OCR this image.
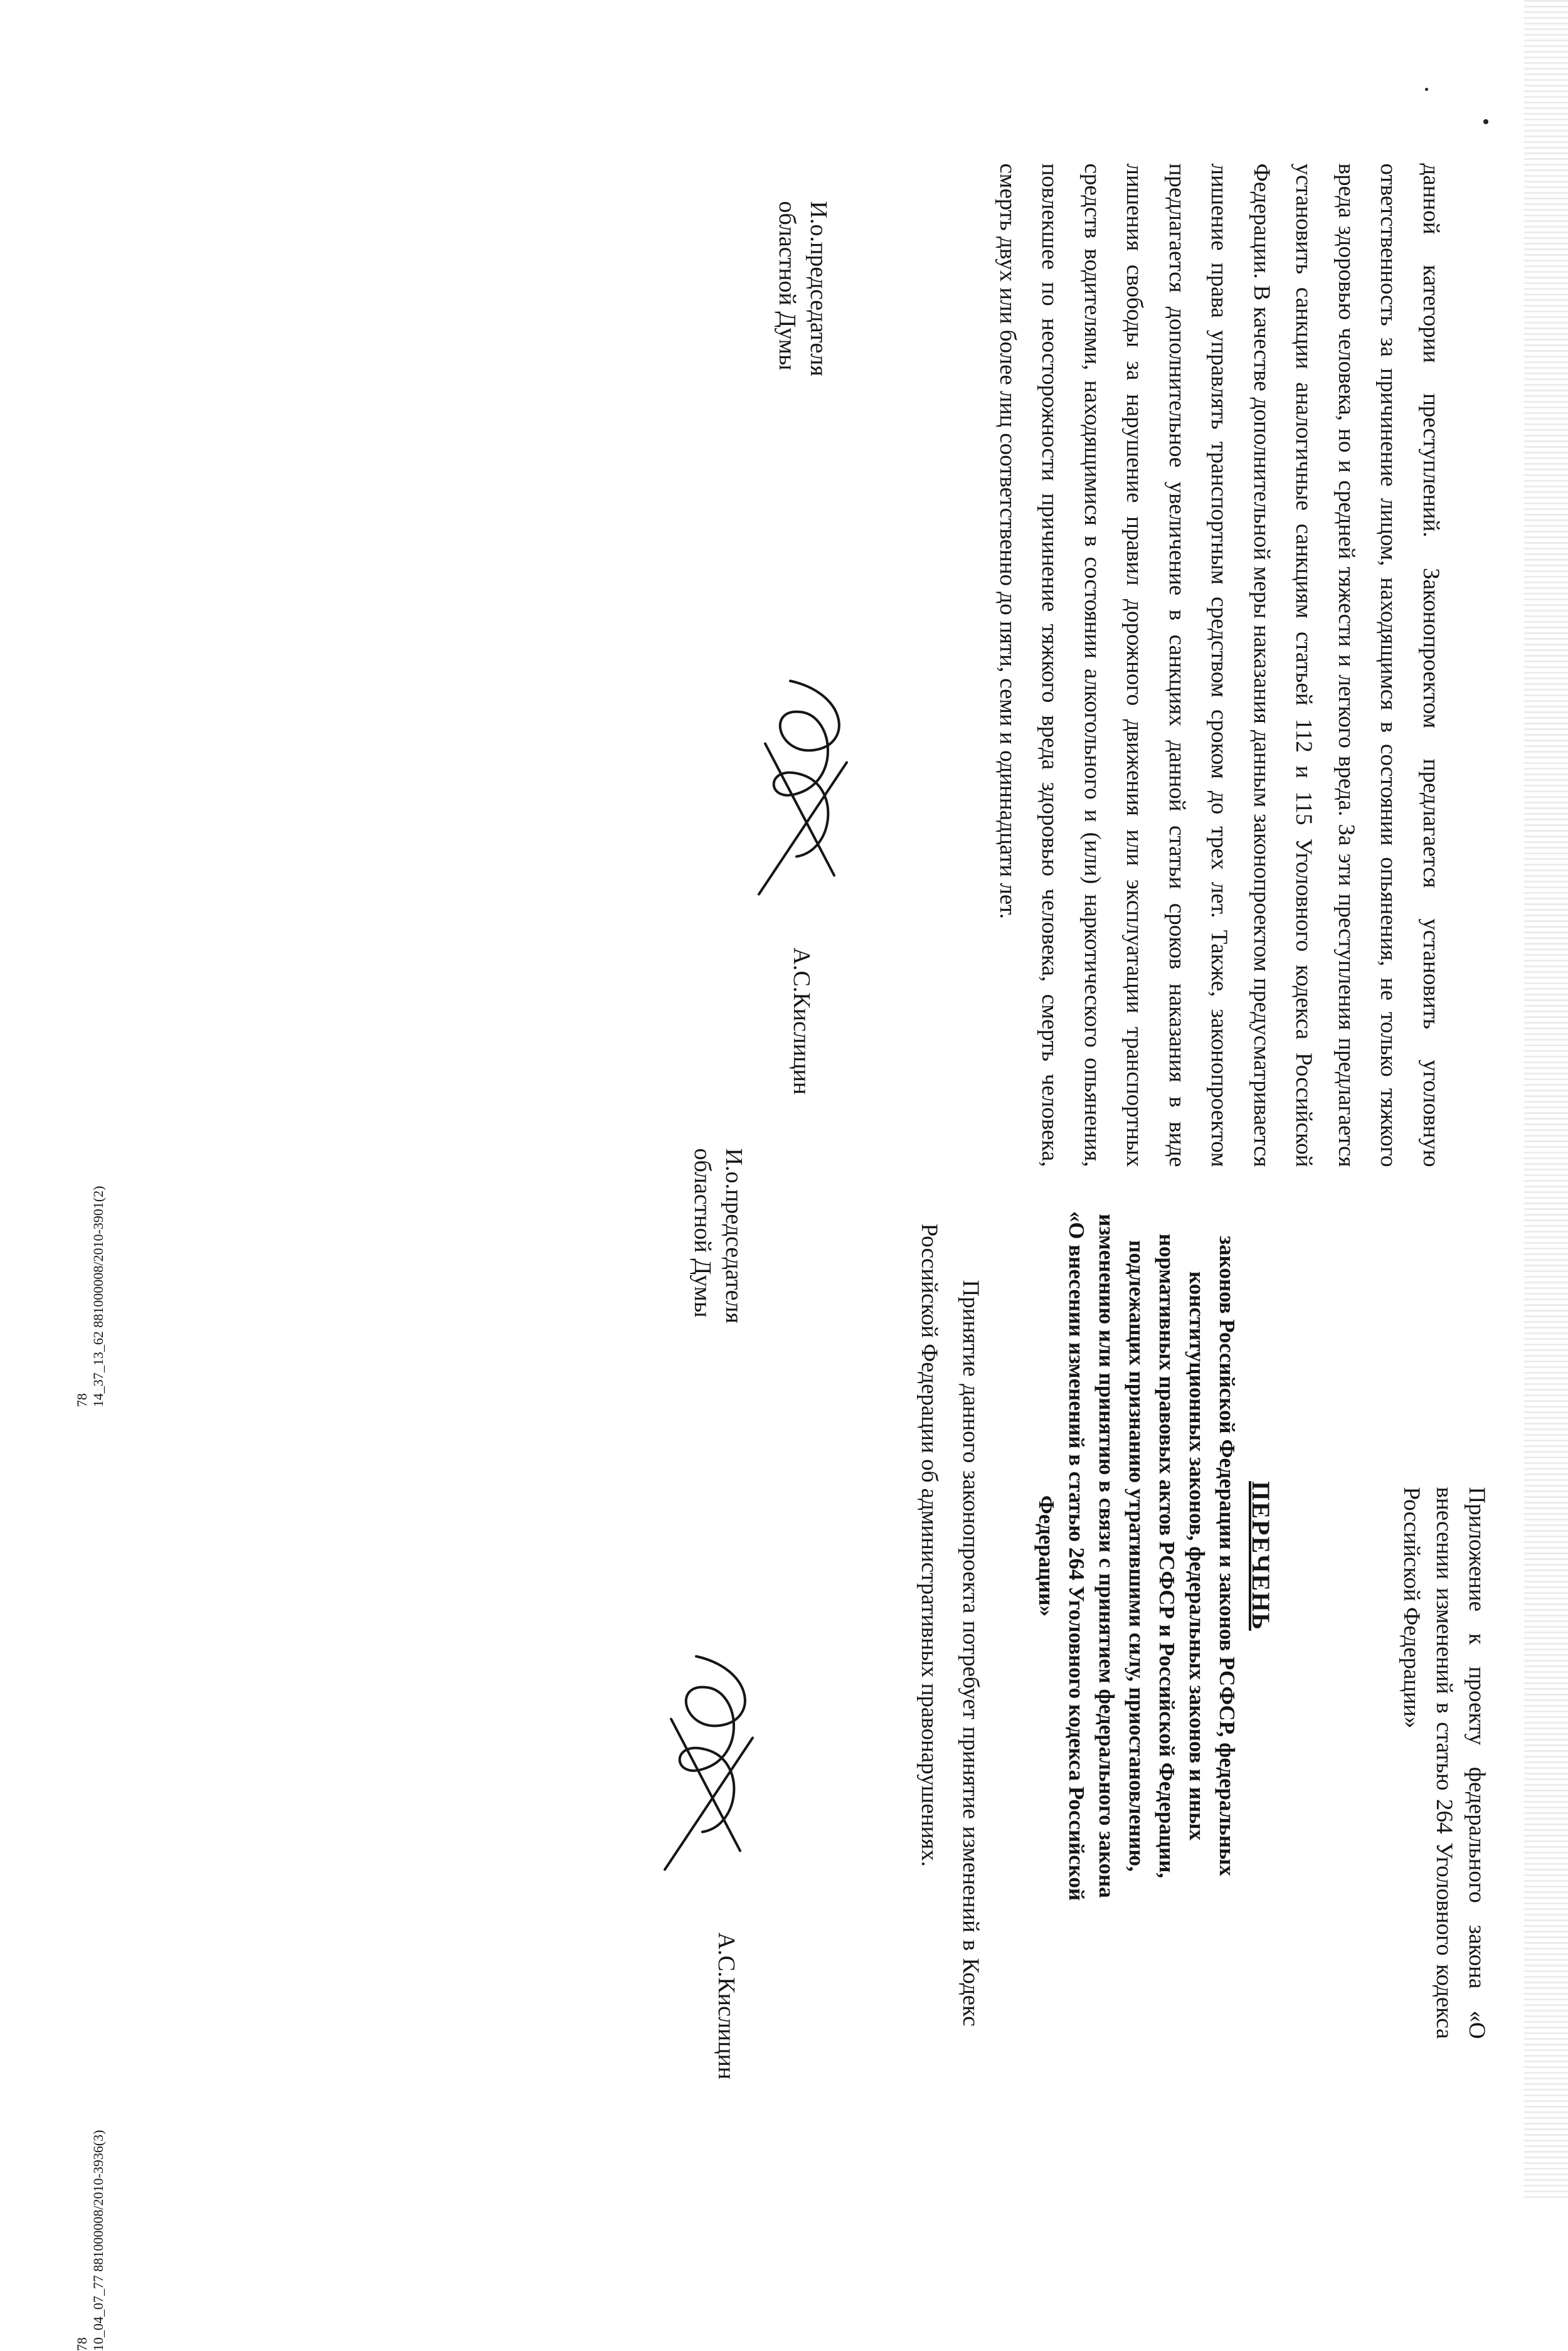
данной категории преступлений. Законопроектом предлагается установить уголовную ответственность за причинение лицом, находящимся в состоянии опьянения, не только тяжкого вреда здоровью человека, но и средней тяжести и легкого вреда. За эти преступления предлагается установить санкции аналогичные санкциям статьей 112 и 115 Уголовного кодекса Российской Федерации. В качестве дополнительной меры наказания данным законопроектом предусматривается лишение права управлять транспортным средством сроком до трех лет. Также, законопроектом предлагается дополнительное увеличение в санкциях данной статьи сроков наказания в виде лишения свободы за нарушение правил дорожного движения или эксплуатации транспортных средств водителями, находящимися в состоянии алкогольного и (или) наркотического опьянения, повлекшее по неосторожности причинение тяжкого вреда здоровью человека, смерть человека, смерть двух или более лиц соответственно до пяти, семи и одиннадцати лет.

И.о.председателя
областной Думы
А.С.Кислицин
78 14_37_13_62 881000008/2010-3901(2)
Приложение к проекту федерального закона «О внесении изменений в статью 264 Уголовного кодекса Российской Федерации»
ПЕРЕЧЕНЬ
законов Российской Федерации и законов РСФСР, федеральных конституционных законов, федеральных законов и иных нормативных правовых актов РСФСР и Российской Федерации, подлежащих признанию утратившими силу, приостановлению, изменению или принятию в связи с принятием федерального закона «О внесении изменений в статью 264 Уголовного кодекса Российской Федерации»
Принятие данного законопроекта потребует принятие изменений в Кодекс Российской Федерации об административных правонарушениях.
И.о.председателя
областной Думы
А.С.Кислицин
78 10_04_07_77 881000008/2010-3936(3)
